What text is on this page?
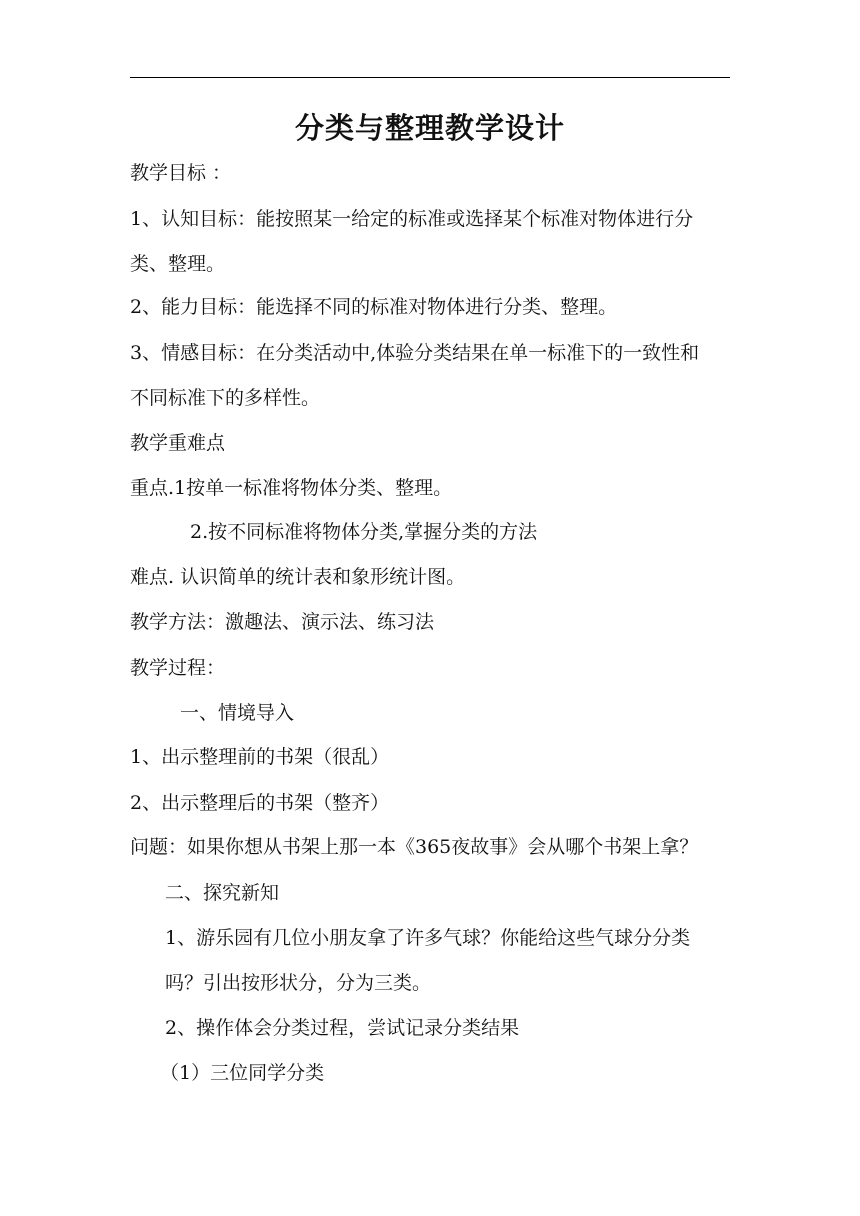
分类与整理教学设计
教学目标 ：
1、认知目标：能按照某一给定的标准或选择某个标准对物体进行分
类、整理。
2、能力目标：能选择不同的标准对物体进行分类、整理。
3、情感目标：在分类活动中,体验分类结果在单一标准下的一致性和
不同标准下的多样性。
教学重难点
重点.1按单一标准将物体分类、整理。
2.按不同标准将物体分类,掌握分类的方法
难点. 认识简单的统计表和象形统计图。
教学方法：激趣法、演示法、练习法
教学过程：
一、情境导入
1、出示整理前的书架（很乱）
2、出示整理后的书架（整齐）
问题：如果你想从书架上那一本《365夜故事》会从哪个书架上拿？
二、探究新知
1、游乐园有几位小朋友拿了许多气球？你能给这些气球分分类
吗？引出按形状分，分为三类。
2、操作体会分类过程，尝试记录分类结果
（1）三位同学分类
